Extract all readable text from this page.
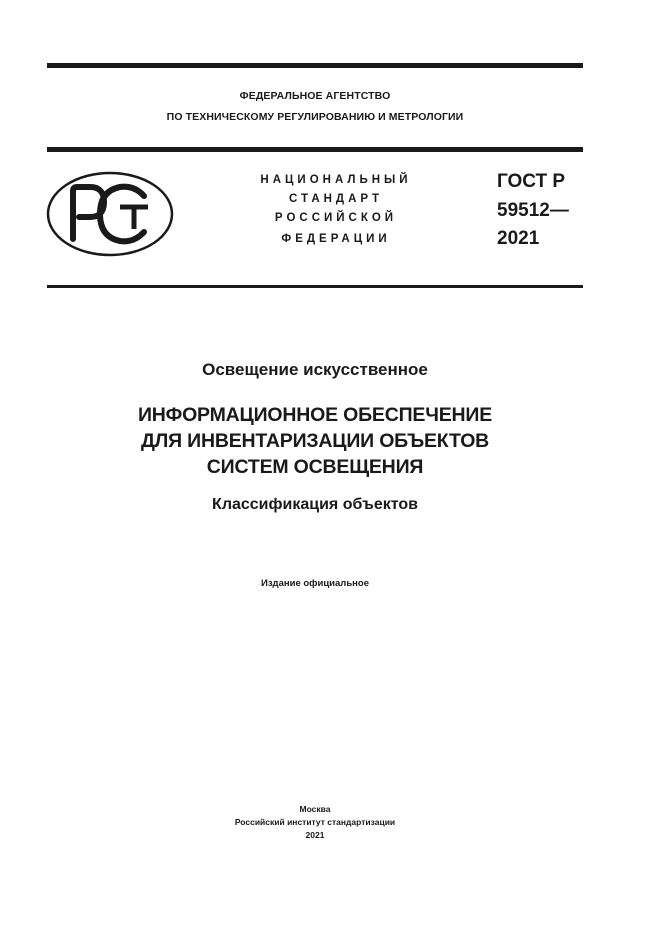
ФЕДЕРАЛЬНОЕ АГЕНТСТВО
ПО ТЕХНИЧЕСКОМУ РЕГУЛИРОВАНИЮ И МЕТРОЛОГИИ
НАЦИОНАЛЬНЫЙ
СТАНДАРТ
РОССИЙСКОЙ
ФЕДЕРАЦИИ
ГОСТ Р
59512—
2021
Освещение искусственное
ИНФОРМАЦИОННОЕ ОБЕСПЕЧЕНИЕ
ДЛЯ ИНВЕНТАРИЗАЦИИ ОБЪЕКТОВ
СИСТЕМ ОСВЕЩЕНИЯ
Классификация объектов
Издание официальное
Москва
Российский институт стандартизации
2021
